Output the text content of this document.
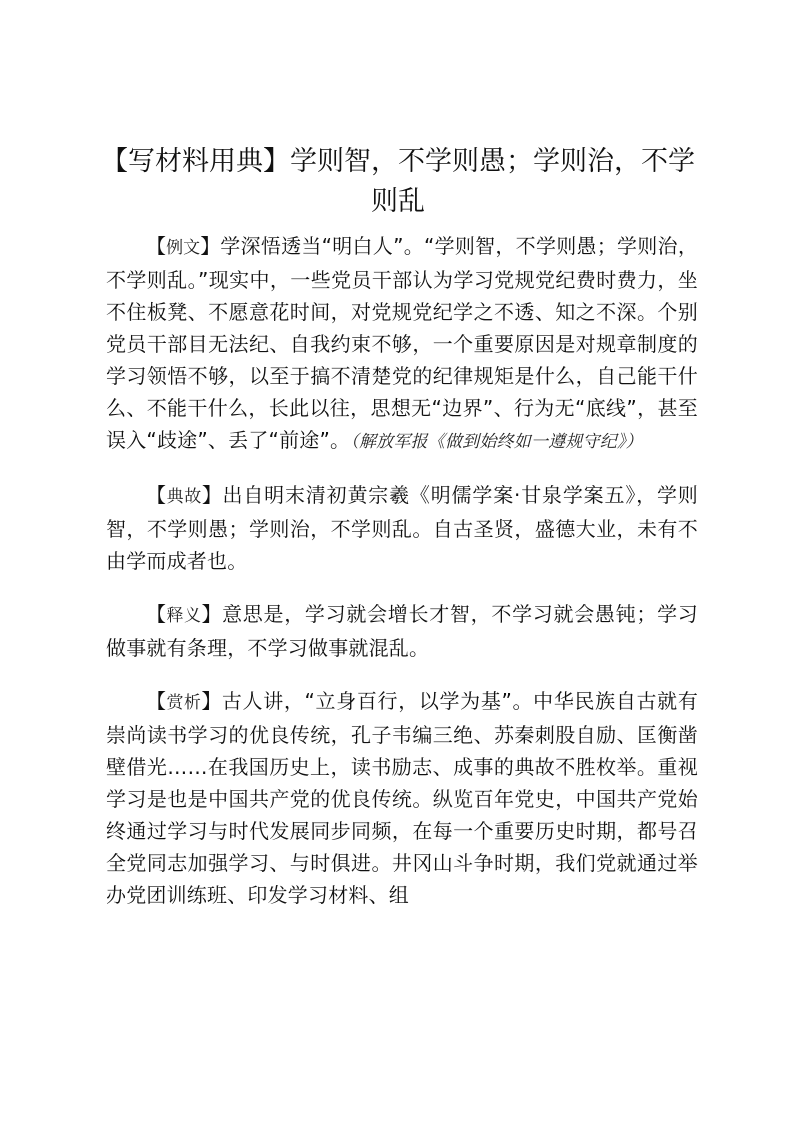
【写材料用典】学则智，不学则愚；学则治，不学则乱

【例文】学深悟透当“明白人”。“学则智，不学则愚；学则治，不学则乱。”现实中，一些党员干部认为学习党规党纪费时费力，坐不住板凳、不愿意花时间，对党规党纪学之不透、知之不深。个别党员干部目无法纪、自我约束不够，一个重要原因是对规章制度的学习领悟不够，以至于搞不清楚党的纪律规矩是什么，自己能干什么、不能干什么，长此以往，思想无“边界”、行为无“底线”，甚至误入“歧途”、丢了“前途”。（解放军报《做到始终如一遵规守纪》）

【典故】出自明末清初黄宗羲《明儒学案·甘泉学案五》，学则智，不学则愚；学则治，不学则乱。自古圣贤，盛德大业，未有不由学而成者也。

【释义】意思是，学习就会增长才智，不学习就会愚钝；学习做事就有条理，不学习做事就混乱。

【赏析】古人讲，“立身百行，以学为基”。中华民族自古就有崇尚读书学习的优良传统，孔子韦编三绝、苏秦刺股自励、匡衡凿壁借光……在我国历史上，读书励志、成事的典故不胜枚举。重视学习是也是中国共产党的优良传统。纵览百年党史，中国共产党始终通过学习与时代发展同步同频，在每一个重要历史时期，都号召全党同志加强学习、与时俱进。井冈山斗争时期，我们党就通过举办党团训练班、印发学习材料、组
